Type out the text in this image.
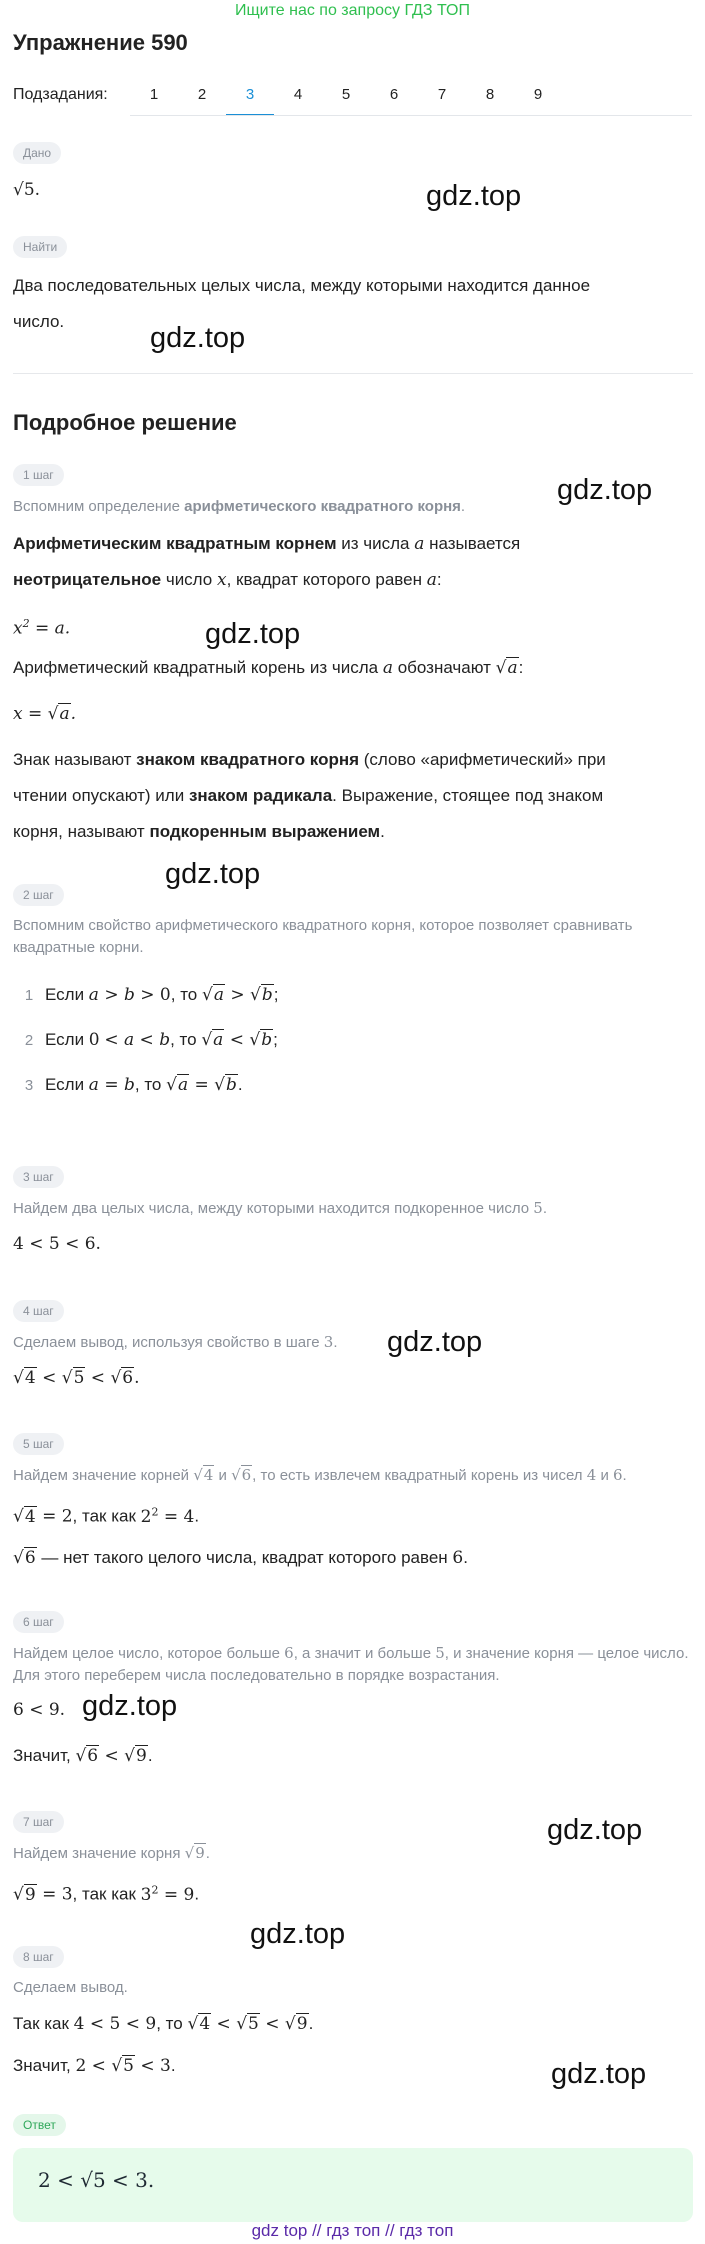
Ищите нас по запросу ГДЗ ТОП
Упражнение 590
Подзадания:	1	2	3	4	5	6	7	8	9
Дано
√5.	gdz.top
Найти
Два последовательных целых числа, между которыми находится данное
число.
gdz.top
Подробное решение
1 шаг	gdz.top
Вспомним определение арифметического квадратного корня.
Арифметическим квадратным корнем из числа a называется
неотрицательное число x, квадрат которого равен a:
$x^2 = a$.	gdz.top
Арифметический квадратный корень из числа a обозначают √a:
x = √a.
Знак называют знаком квадратного корня (слово «арифметический» при
чтении опускают) или знаком радикала. Выражение, стоящее под знаком
корня, называют подкоренным выражением.
gdz.top
2 шаг
Вспомним свойство арифметического квадратного корня, которое позволяет сравнивать квадратные корни.
1 Если a > b > 0, то √a > √b;
2 Если 0 < a < b, то √a < √b;
3 Если a = b, то √a = √b.
3 шаг
Найдем два целых числа, между которыми находится подкоренное число 5.
4 < 5 < 6.
4 шаг
Сделаем вывод, используя свойство в шаге 3. gdz.top
√4 < √5 < √6.
5 шаг
Найдем значение корней √4 и √6, то есть извлечем квадратный корень из чисел 4 и 6.
√4 = 2, так как $2^2 = 4$.
√6 — нет такого целого числа, квадрат которого равен 6.
6 шаг
Найдем целое число, которое больше 6, а значит и больше 5, и значение корня — целое число. Для этого переберем числа последовательно в порядке возрастания.
6 < 9. gdz.top
Значит, √6 < √9.
7 шаг	gdz.top
Найдем значение корня √9.
√9 = 3, так как $3^2 = 9$.
gdz.top
8 шаг
Сделаем вывод.
Так как 4 < 5 < 9, то √4 < √5 < √9.
Значит, 2 < √5 < 3.	gdz.top
Ответ
2 < √5 < 3.
gdz top // гдз топ // гдз топ
